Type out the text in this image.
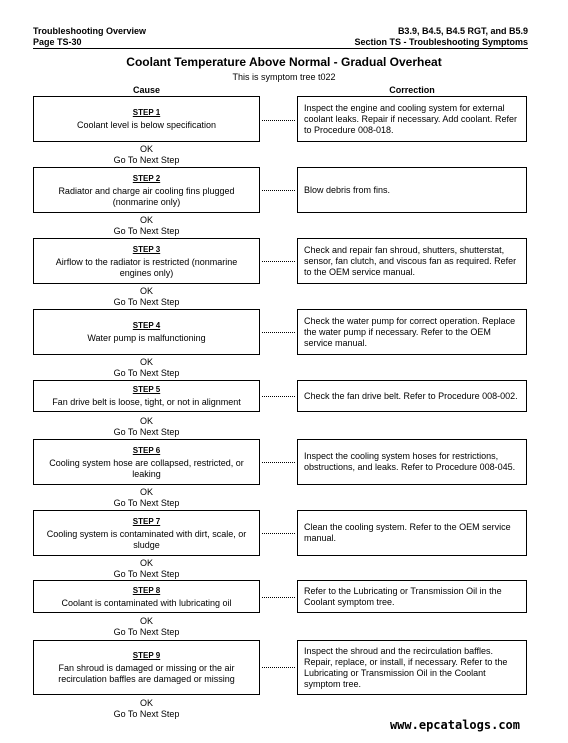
Troubleshooting Overview
Page TS-30
B3.9, B4.5, B4.5 RGT, and B5.9
Section TS - Troubleshooting Symptoms
Coolant Temperature Above Normal - Gradual Overheat
This is symptom tree t022
Cause	Correction
STEP 1
Coolant level is below specification
Inspect the engine and cooling system for external coolant leaks. Repair if necessary. Add coolant. Refer to Procedure 008-018.
OK
Go To Next Step
STEP 2
Radiator and charge air cooling fins plugged (nonmarine only)
Blow debris from fins.
OK
Go To Next Step
STEP 3
Airflow to the radiator is restricted (nonmarine engines only)
Check and repair fan shroud, shutters, shutterstat, sensor, fan clutch, and viscous fan as required. Refer to the OEM service manual.
OK
Go To Next Step
STEP 4
Water pump is malfunctioning
Check the water pump for correct operation. Replace the water pump if necessary. Refer to the OEM service manual.
OK
Go To Next Step
STEP 5
Fan drive belt is loose, tight, or not in alignment
Check the fan drive belt. Refer to Procedure 008-002.
OK
Go To Next Step
STEP 6
Cooling system hose are collapsed, restricted, or leaking
Inspect the cooling system hoses for restrictions, obstructions, and leaks. Refer to Procedure 008-045.
OK
Go To Next Step
STEP 7
Cooling system is contaminated with dirt, scale, or sludge
Clean the cooling system. Refer to the OEM service manual.
OK
Go To Next Step
STEP 8
Coolant is contaminated with lubricating oil
Refer to the Lubricating or Transmission Oil in the Coolant symptom tree.
OK
Go To Next Step
STEP 9
Fan shroud is damaged or missing or the air recirculation baffles are damaged or missing
Inspect the shroud and the recirculation baffles. Repair, replace, or install, if necessary. Refer to the Lubricating or Transmission Oil in the Coolant symptom tree.
OK
Go To Next Step
www.epcatalogs.com
